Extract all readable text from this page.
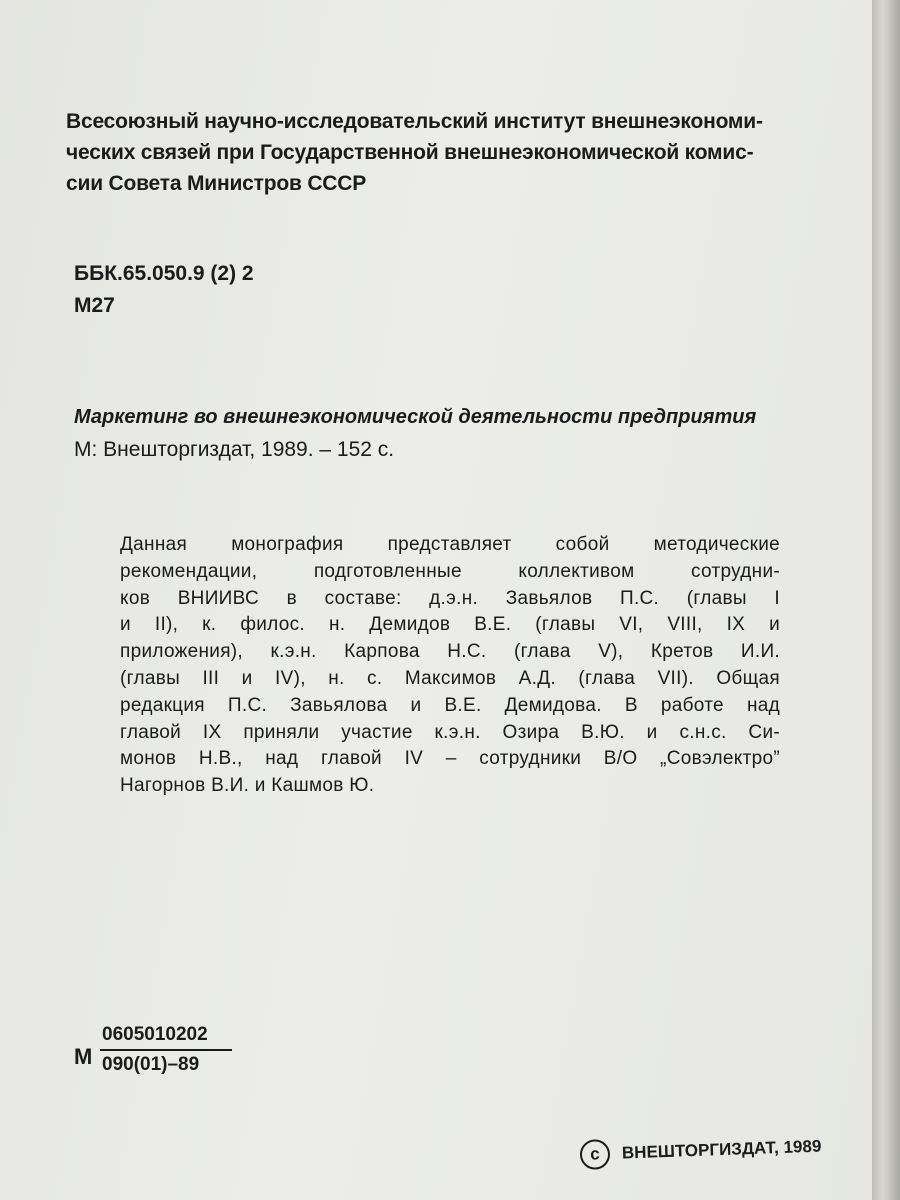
Всесоюзный научно-исследовательский институт внешнеэкономи-
ческих связей при Государственной внешнеэкономической комис-
сии Совета Министров СССР

ББК.65.050.9 (2) 2
М27
Маркетинг во внешнеэкономической деятельности предприятия
М: Внешторгиздат, 1989. – 152 с.
Данная монография представляет собой методические
рекомендации, подготовленные коллективом сотрудни-
ков ВНИИВС в составе: д.э.н. Завьялов П.С. (главы I
и II), к. филос. н. Демидов В.Е. (главы VI, VIII, IX и
приложения), к.э.н. Карпова Н.С. (глава V), Кретов И.И.
(главы III и IV), н. с. Максимов А.Д. (глава VII). Общая
редакция П.С. Завьялова и В.Е. Демидова. В работе над
главой IX приняли участие к.э.н. Озира В.Ю. и с.н.с. Си-
монов Н.В., над главой IV – сотрудники В/О „Совэлектро”
Нагорнов В.И. и Кашмов Ю.
М
0605010202
090(01)–89
c	ВНЕШТОРГИЗДАТ, 1989
